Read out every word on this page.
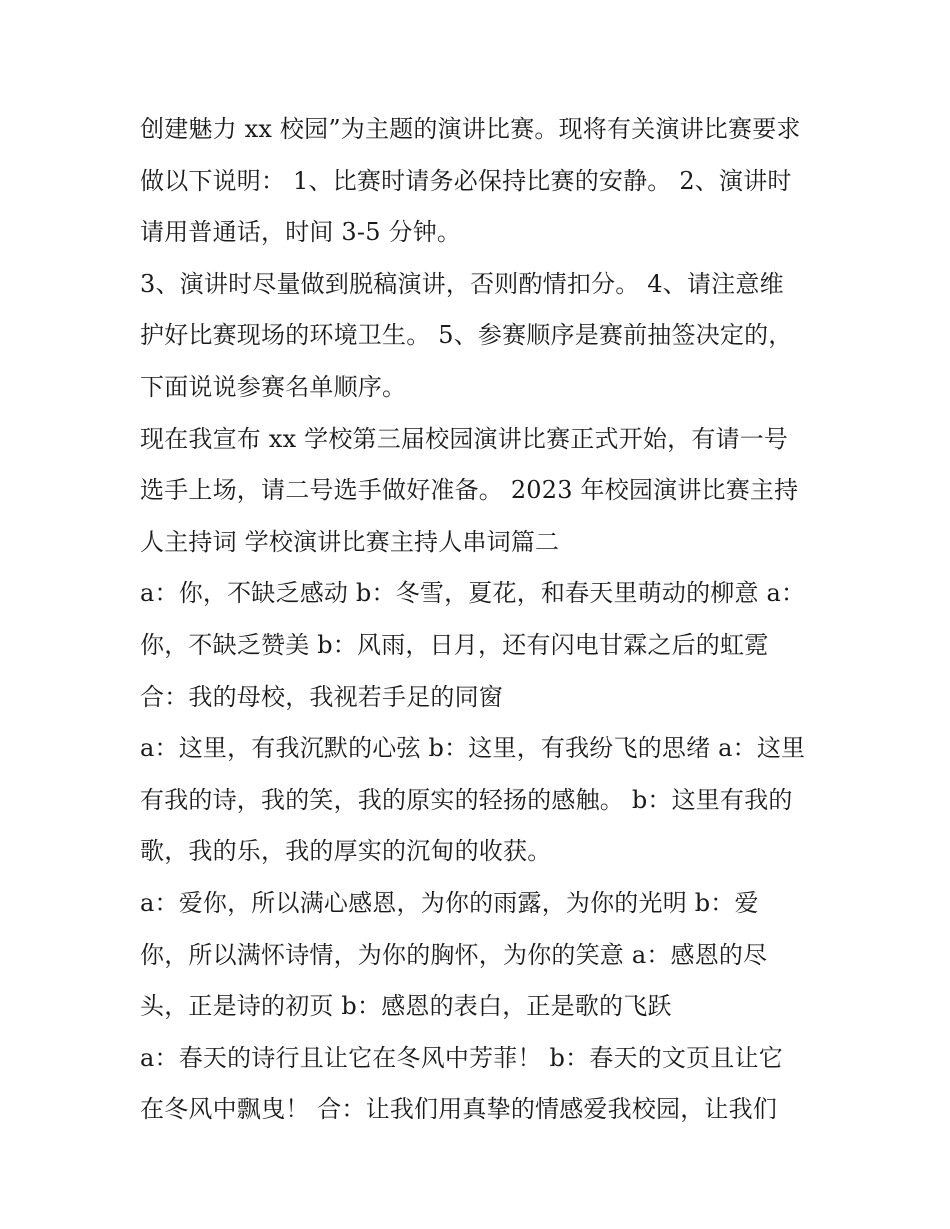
创建魅力 xx 校园”为主题的演讲比赛。现将有关演讲比赛要求
做以下说明： 1、比赛时请务必保持比赛的安静。 2、演讲时
请用普通话，时间 3-5 分钟。
3、演讲时尽量做到脱稿演讲，否则酌情扣分。 4、请注意维
护好比赛现场的环境卫生。 5、参赛顺序是赛前抽签决定的，
下面说说参赛名单顺序。
现在我宣布 xx 学校第三届校园演讲比赛正式开始，有请一号
选手上场，请二号选手做好准备。 2023 年校园演讲比赛主持
人主持词 学校演讲比赛主持人串词篇二
a：你，不缺乏感动 b：冬雪，夏花，和春天里萌动的柳意 a：
你，不缺乏赞美 b：风雨，日月，还有闪电甘霖之后的虹霓
合：我的母校，我视若手足的同窗
a：这里，有我沉默的心弦 b：这里，有我纷飞的思绪 a：这里
有我的诗，我的笑，我的原实的轻扬的感触。 b：这里有我的
歌，我的乐，我的厚实的沉甸的收获。
a：爱你，所以满心感恩，为你的雨露，为你的光明 b：爱
你，所以满怀诗情，为你的胸怀，为你的笑意 a：感恩的尽
头，正是诗的初页 b：感恩的表白，正是歌的飞跃
a：春天的诗行且让它在冬风中芳菲！ b：春天的文页且让它
在冬风中飘曳！ 合：让我们用真挚的情感爱我校园，让我们
